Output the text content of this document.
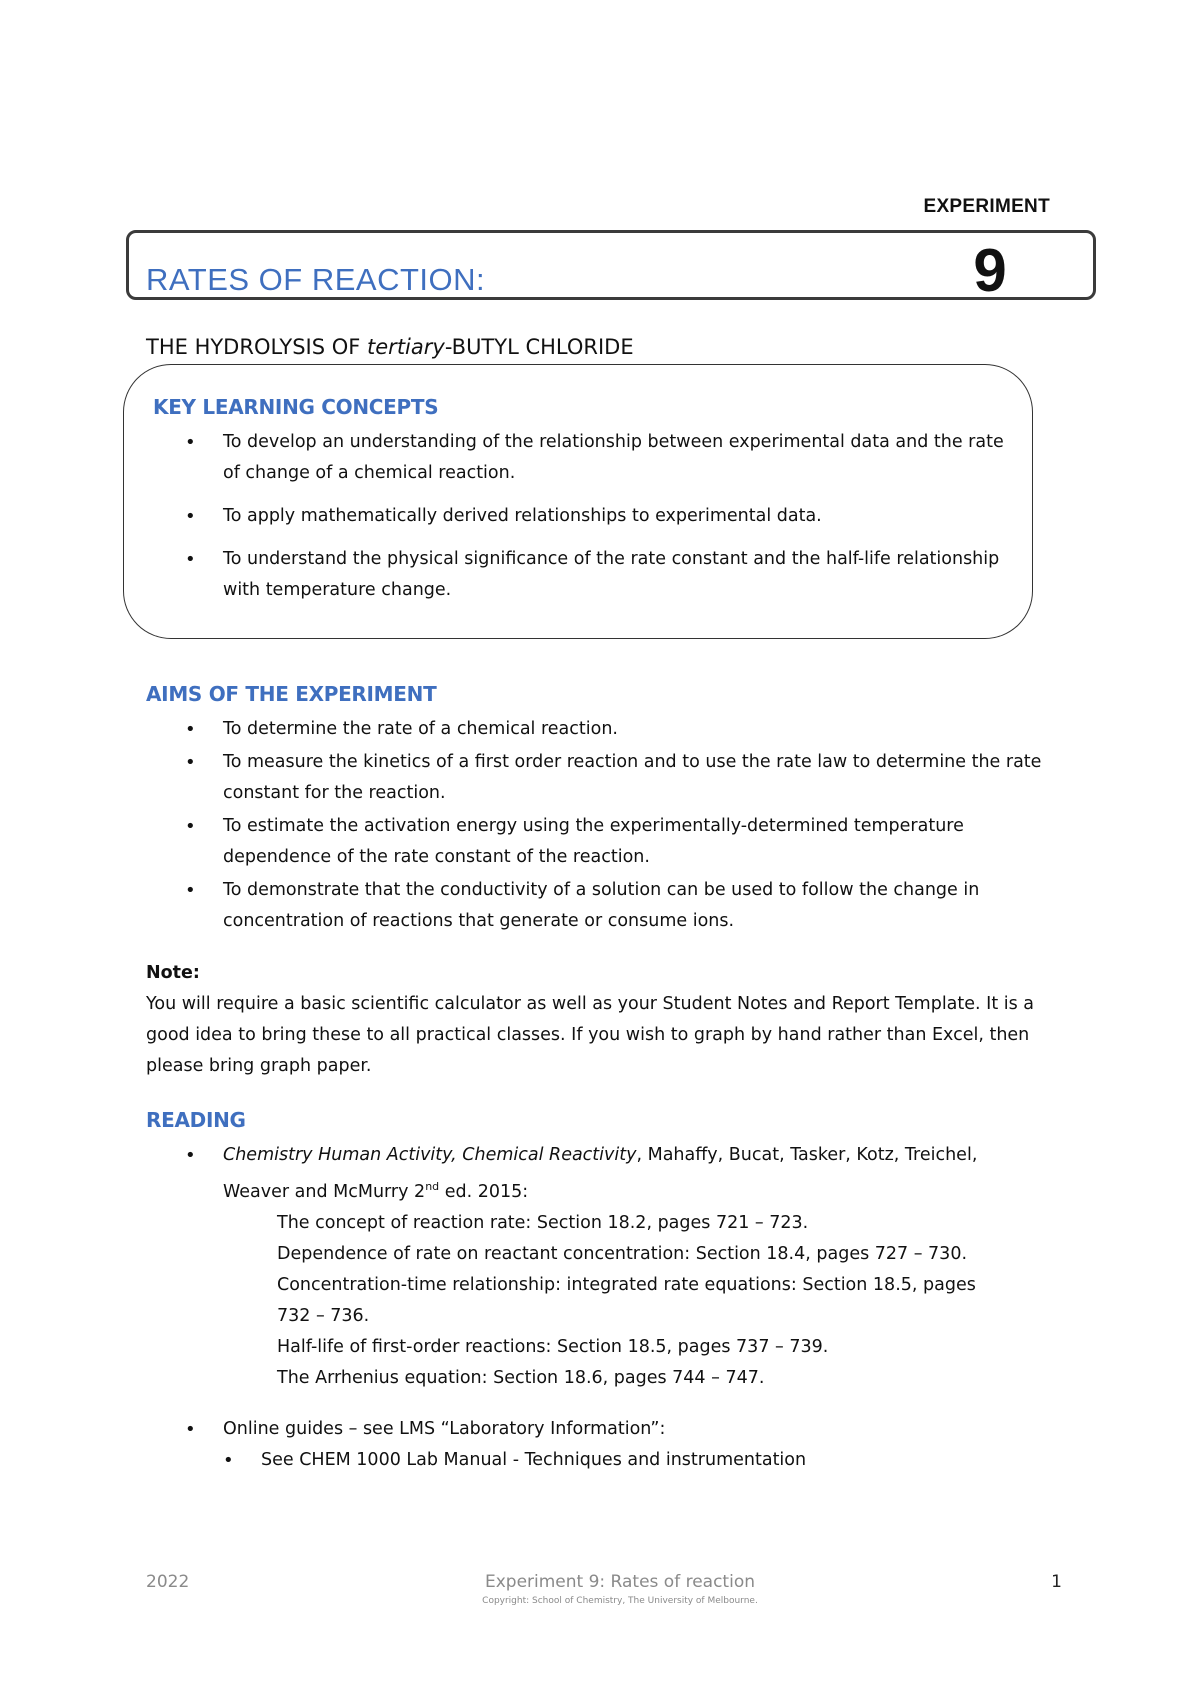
EXPERIMENT
RATES OF REACTION:	9
THE HYDROLYSIS OF tertiary-BUTYL CHLORIDE
KEY LEARNING CONCEPTS
• To develop an understanding of the relationship between experimental data and the rate of change of a chemical reaction.
• To apply mathematically derived relationships to experimental data.
• To understand the physical significance of the rate constant and the half-life relationship with temperature change.
AIMS OF THE EXPERIMENT
• To determine the rate of a chemical reaction.
• To measure the kinetics of a first order reaction and to use the rate law to determine the rate constant for the reaction.
• To estimate the activation energy using the experimentally-determined temperature dependence of the rate constant of the reaction.
• To demonstrate that the conductivity of a solution can be used to follow the change in concentration of reactions that generate or consume ions.
Note:
You will require a basic scientific calculator as well as your Student Notes and Report Template. It is a good idea to bring these to all practical classes. If you wish to graph by hand rather than Excel, then please bring graph paper.
READING
• Chemistry Human Activity, Chemical Reactivity, Mahaffy, Bucat, Tasker, Kotz, Treichel, Weaver and McMurry 2nd ed. 2015:
The concept of reaction rate: Section 18.2, pages 721 – 723.
Dependence of rate on reactant concentration: Section 18.4, pages 727 – 730.
Concentration-time relationship: integrated rate equations: Section 18.5, pages 732 – 736.
Half-life of first-order reactions: Section 18.5, pages 737 – 739.
The Arrhenius equation: Section 18.6, pages 744 – 747.
• Online guides – see LMS “Laboratory Information”:
• See CHEM 1000 Lab Manual - Techniques and instrumentation
2022	Experiment 9: Rates of reaction	1
Copyright: School of Chemistry, The University of Melbourne.
